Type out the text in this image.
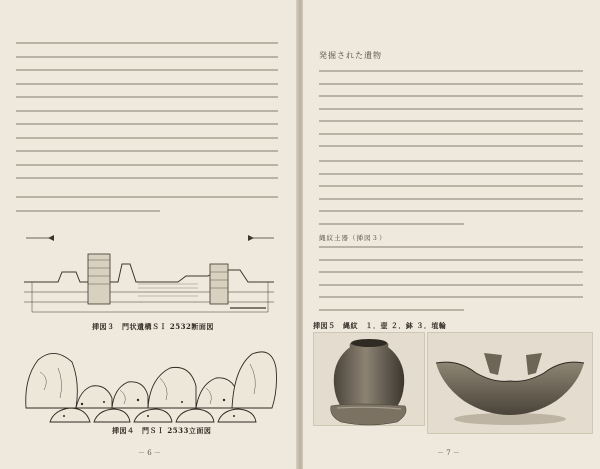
挿図３　門状遺構ＳＩ 2532断面図
挿図４　門ＳＩ 2533立面図
－ 6 －
発掘された遺物
縄紋土器（挿図３）
挿図５　縄紋　１．壺 ２．鉢 ３．埴輪
－ 7 －
